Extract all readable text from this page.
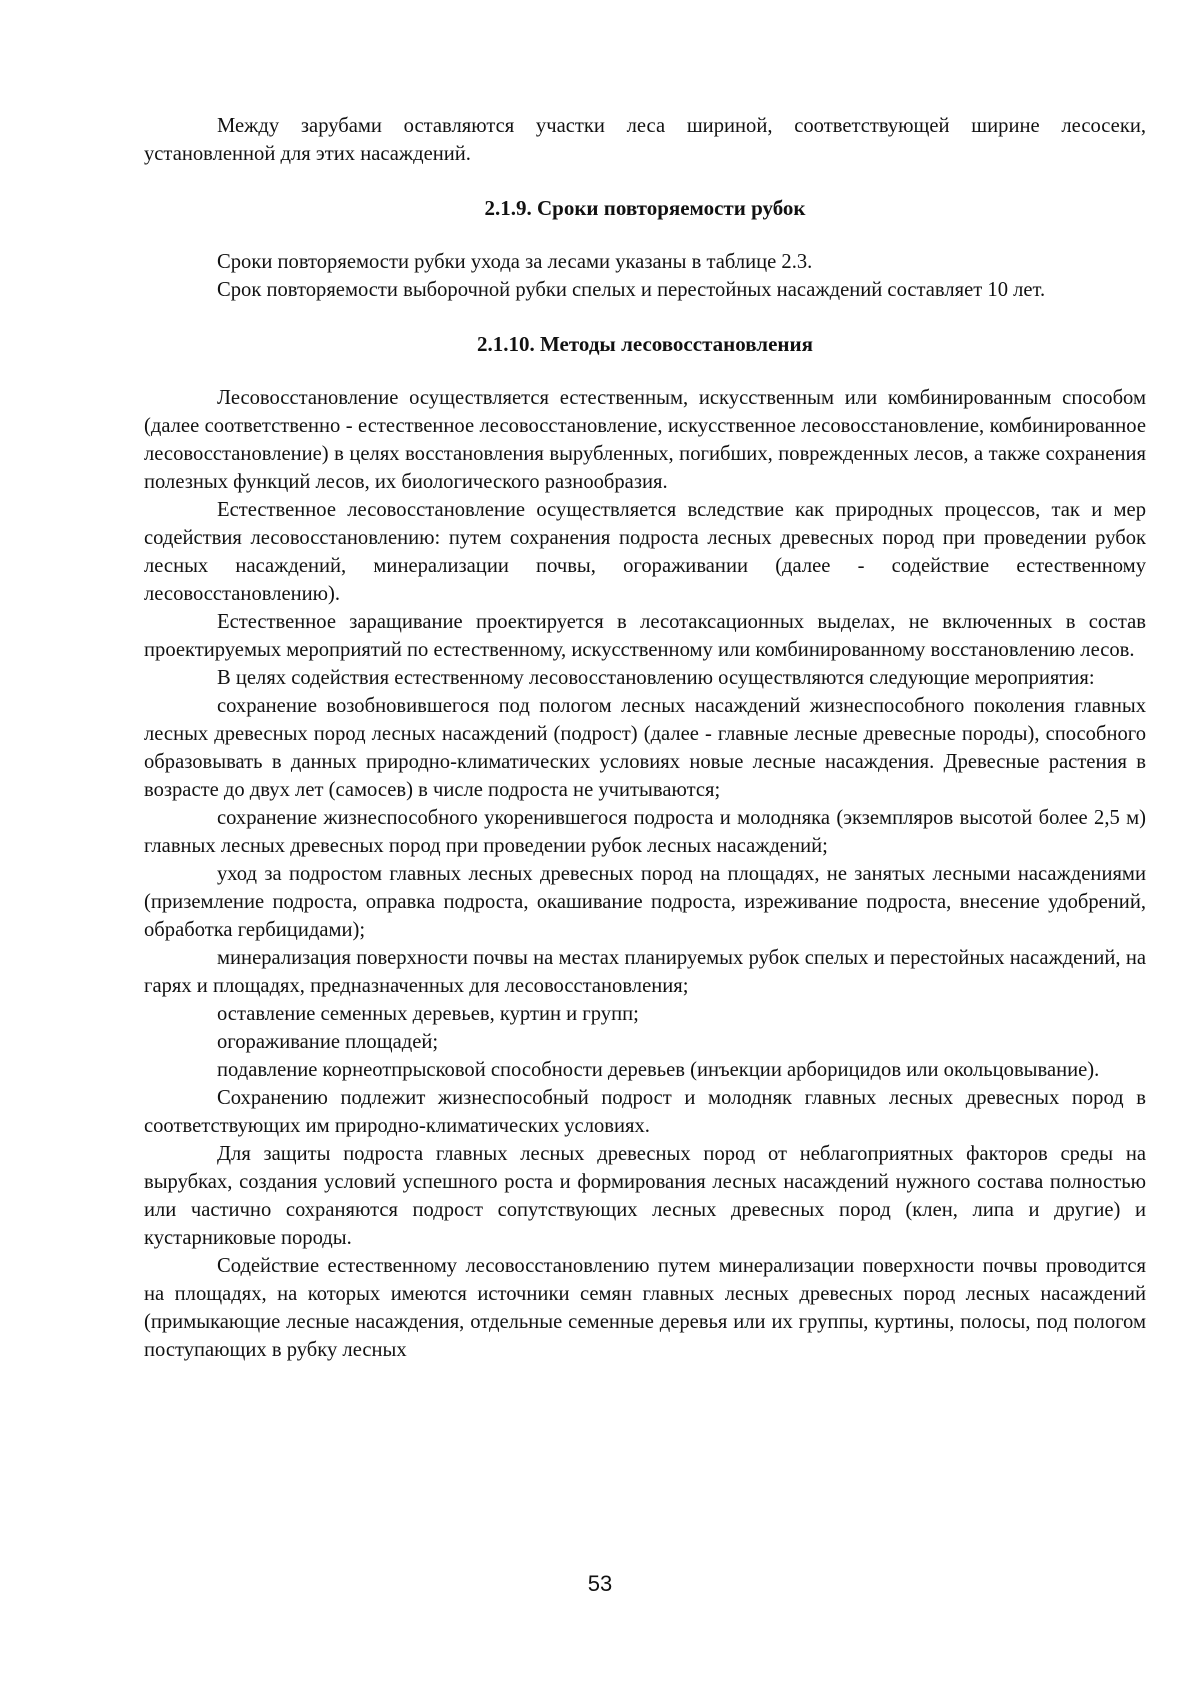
Между зарубами оставляются участки леса шириной, соответствующей ширине лесосеки, установленной для этих насаждений.

2.1.9. Сроки повторяемости рубок

Сроки повторяемости рубки ухода за лесами указаны в таблице 2.3.

Срок повторяемости выборочной рубки спелых и перестойных насаждений составляет 10 лет.

2.1.10. Методы лесовосстановления

Лесовосстановление осуществляется естественным, искусственным или комбинированным способом (далее соответственно - естественное лесовосстановление, искусственное лесовосстановление, комбинированное лесовосстановление) в целях восстановления вырубленных, погибших, поврежденных лесов, а также сохранения полезных функций лесов, их биологического разнообразия.

Естественное лесовосстановление осуществляется вследствие как природных процессов, так и мер содействия лесовосстановлению: путем сохранения подроста лесных древесных пород при проведении рубок лесных насаждений, минерализации почвы, огораживании (далее - содействие естественному лесовосстановлению).

Естественное заращивание проектируется в лесотаксационных выделах, не включенных в состав проектируемых мероприятий по естественному, искусственному или комбинированному восстановлению лесов.

В целях содействия естественному лесовосстановлению осуществляются следующие мероприятия:

сохранение возобновившегося под пологом лесных насаждений жизнеспособного поколения главных лесных древесных пород лесных насаждений (подрост) (далее - главные лесные древесные породы), способного образовывать в данных природно-климатических условиях новые лесные насаждения. Древесные растения в возрасте до двух лет (самосев) в числе подроста не учитываются;

сохранение жизнеспособного укоренившегося подроста и молодняка (экземпляров высотой более 2,5 м) главных лесных древесных пород при проведении рубок лесных насаждений;

уход за подростом главных лесных древесных пород на площадях, не занятых лесными насаждениями (приземление подроста, оправка подроста, окашивание подроста, изреживание подроста, внесение удобрений, обработка гербицидами);

минерализация поверхности почвы на местах планируемых рубок спелых и перестойных насаждений, на гарях и площадях, предназначенных для лесовосстановления;

оставление семенных деревьев, куртин и групп;

огораживание площадей;

подавление корнеотпрысковой способности деревьев (инъекции арборицидов или окольцовывание).

Сохранению подлежит жизнеспособный подрост и молодняк главных лесных древесных пород в соответствующих им природно-климатических условиях.

Для защиты подроста главных лесных древесных пород от неблагоприятных факторов среды на вырубках, создания условий успешного роста и формирования лесных насаждений нужного состава полностью или частично сохраняются подрост сопутствующих лесных древесных пород (клен, липа и другие) и кустарниковые породы.

Содействие естественному лесовосстановлению путем минерализации поверхности почвы проводится на площадях, на которых имеются источники семян главных лесных древесных пород лесных насаждений (примыкающие лесные насаждения, отдельные семенные деревья или их группы, куртины, полосы, под пологом поступающих в рубку лесных

53
